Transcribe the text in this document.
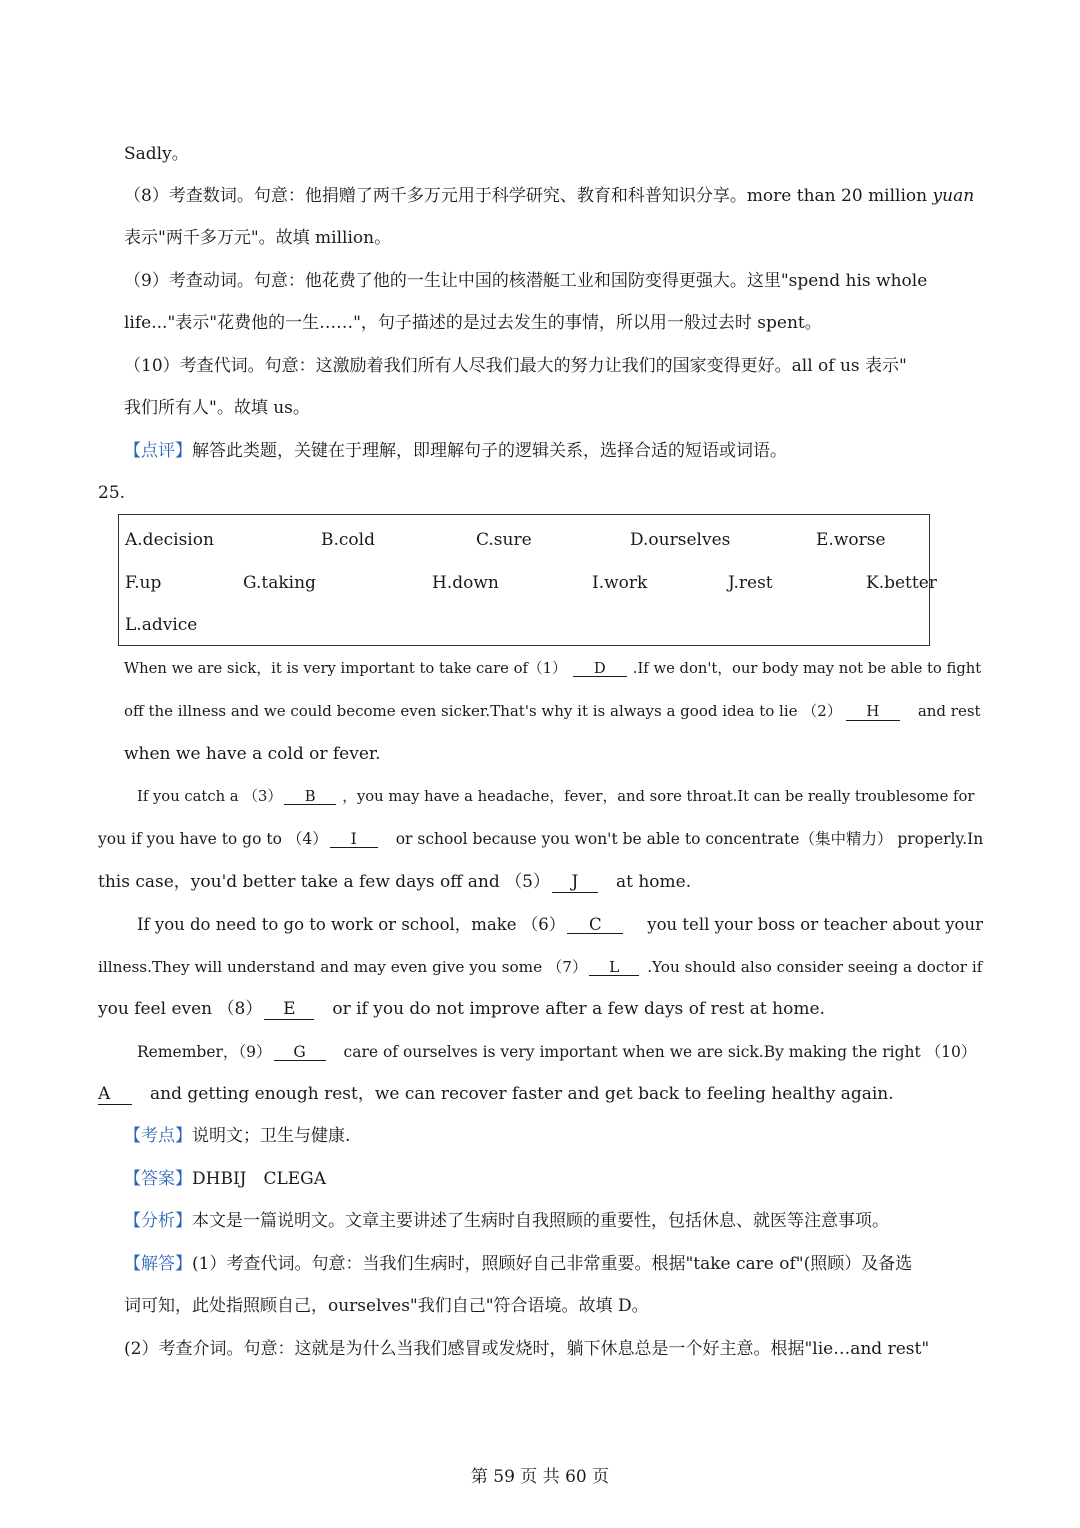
Sadly。
（8）考查数词。句意：他捐赠了两千多万元用于科学研究、教育和科普知识分享。more than 20 million yuan
表示"两千多万元"。故填 million。
（9）考查动词。句意：他花费了他的一生让中国的核潜艇工业和国防变得更强大。这里"spend his whole
life..."表示"花费他的一生……"，句子描述的是过去发生的事情，所以用一般过去时 spent。
（10）考查代词。句意：这激励着我们所有人尽我们最大的努力让我们的国家变得更好。all of us 表示"
我们所有人"。故填 us。
【点评】解答此类题，关键在于理解，即理解句子的逻辑关系，选择合适的短语或词语。
25.
A.decision	B.cold	C.sure	D.ourselves	E.worse
F.up	G.taking	H.down	I.work	J.rest	K.better
L.advice
When we are sick，it is very important to take care of（1） D .If we don't，our body may not be able to fight
off the illness and we could become even sicker.That's why it is always a good idea to lie （2） H	and rest
when we have a cold or fever.
If you catch a （3） B ，you may have a headache，fever，and sore throat.It can be really troublesome for
you if you have to go to （4） I	or school because you won't be able to concentrate（集中精力） properly.In
this case，you'd better take a few days off and （5） J at home.
If you do need to go to work or school，make （6） C	you tell your boss or teacher about your
illness.They will understand and may even give you some （7） L .You should also consider seeing a doctor if
you feel even （8） E or if you do not improve after a few days of rest at home.
Remember，（9） G care of ourselves is very important when we are sick.By making the right （10）
A and getting enough rest，we can recover faster and get back to feeling healthy again.
【考点】说明文；卫生与健康.
【答案】DHBIJ　CLEGA
【分析】本文是一篇说明文。文章主要讲述了生病时自我照顾的重要性，包括休息、就医等注意事项。
【解答】(1）考查代词。句意：当我们生病时，照顾好自己非常重要。根据"take care of"(照顾）及备选
词可知，此处指照顾自己，ourselves"我们自己"符合语境。故填 D。
(2）考查介词。句意：这就是为什么当我们感冒或发烧时，躺下休息总是一个好主意。根据"lie…and rest"
第 59 页 共 60 页
